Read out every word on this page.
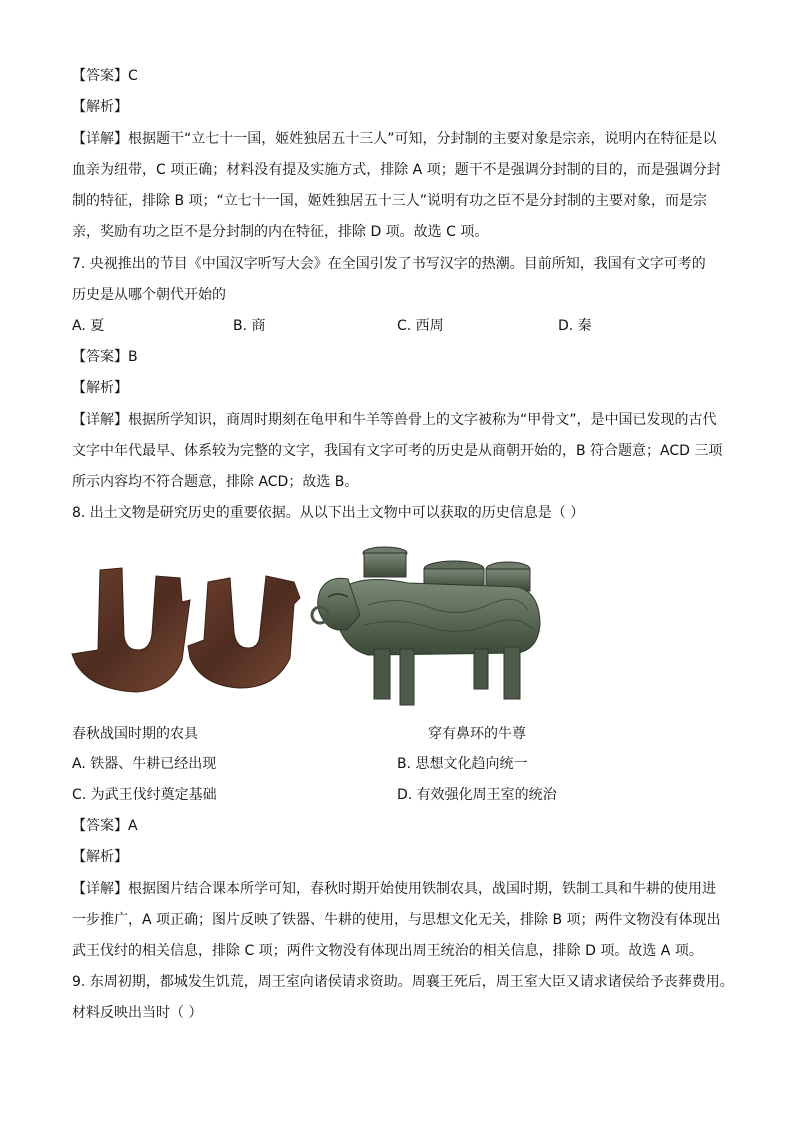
【答案】C
【解析】
【详解】根据题干“立七十一国，姬姓独居五十三人”可知，分封制的主要对象是宗亲，说明内在特征是以
血亲为纽带，C 项正确；材料没有提及实施方式，排除 A 项；题干不是强调分封制的目的，而是强调分封
制的特征，排除 B 项；“立七十一国，姬姓独居五十三人”说明有功之臣不是分封制的主要对象，而是宗
亲，奖励有功之臣不是分封制的内在特征，排除 D 项。故选 C 项。
7. 央视推出的节目《中国汉字听写大会》在全国引发了书写汉字的热潮。目前所知，我国有文字可考的
历史是从哪个朝代开始的
A. 夏	B. 商	C. 西周	D. 秦
【答案】B
【解析】
【详解】根据所学知识，商周时期刻在龟甲和牛羊等兽骨上的文字被称为“甲骨文”，是中国已发现的古代
文字中年代最早、体系较为完整的文字，我国有文字可考的历史是从商朝开始的，B 符合题意；ACD 三项
所示内容均不符合题意，排除 ACD；故选 B。
8. 出土文物是研究历史的重要依据。从以下出土文物中可以获取的历史信息是（ ）
春秋战国时期的农具	穿有鼻环的牛尊
A. 铁器、牛耕已经出现	B. 思想文化趋向统一
C. 为武王伐纣奠定基础	D. 有效强化周王室的统治
【答案】A
【解析】
【详解】根据图片结合课本所学可知，春秋时期开始使用铁制农具，战国时期，铁制工具和牛耕的使用进
一步推广，A 项正确；图片反映了铁器、牛耕的使用，与思想文化无关，排除 B 项；两件文物没有体现出
武王伐纣的相关信息，排除 C 项；两件文物没有体现出周王统治的相关信息，排除 D 项。故选 A 项。
9. 东周初期，都城发生饥荒，周王室向诸侯请求资助。周襄王死后，周王室大臣又请求诸侯给予丧葬费用。
材料反映出当时（ ）
